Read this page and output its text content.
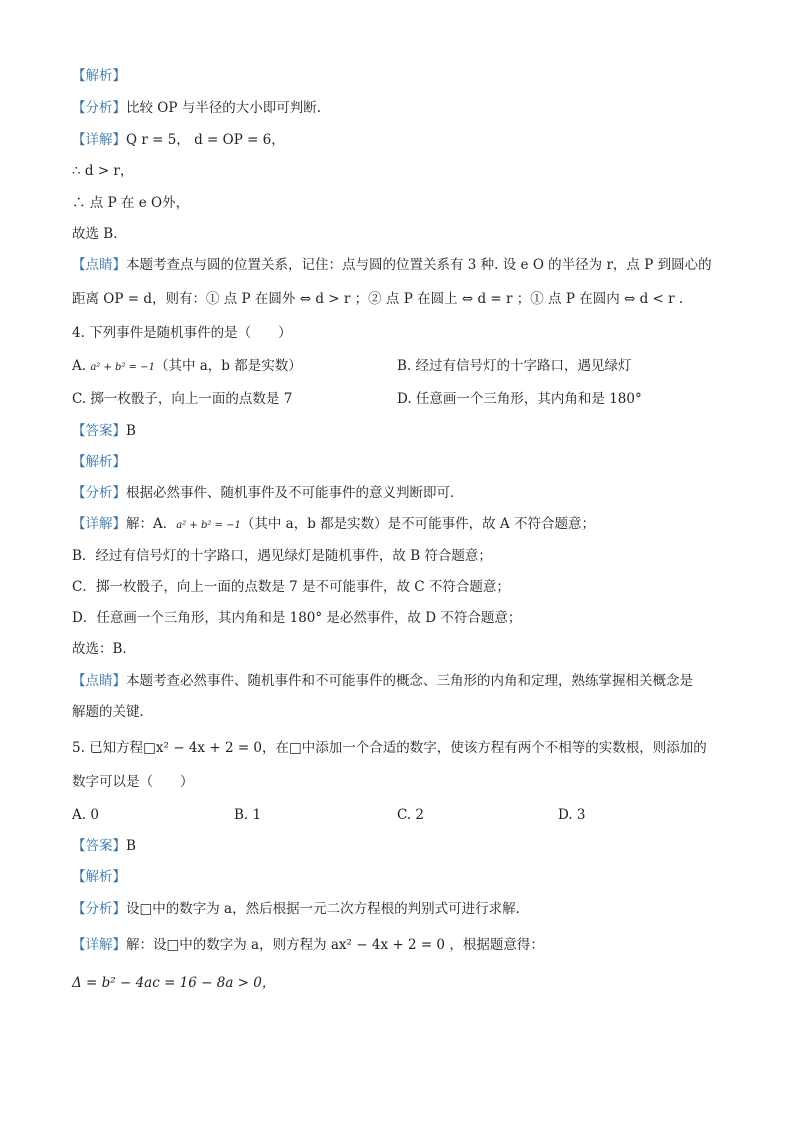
【解析】
【分析】比较 OP 与半径的大小即可判断.
【详解】Q r = 5， d = OP = 6，
∴ d > r，
∴ 点 P 在 e O外，
故选 B．
【点睛】本题考查点与圆的位置关系，记住：点与圆的位置关系有 3 种. 设 e O 的半径为 r，点 P 到圆心的
距离 OP = d，则有：① 点 P 在圆外 ⇔ d > r ；② 点 P 在圆上 ⇔ d = r ；① 点 P 在圆内 ⇔ d < r .
4. 下列事件是随机事件的是（　　）
A. a² + b² = −1（其中 a，b 都是实数）	B. 经过有信号灯的十字路口，遇见绿灯
C. 掷一枚骰子，向上一面的点数是 7	D. 任意画一个三角形，其内角和是 180°
【答案】B
【解析】
【分析】根据必然事件、随机事件及不可能事件的意义判断即可．
【详解】解：A．a² + b² = −1（其中 a，b 都是实数）是不可能事件，故 A 不符合题意；
B．经过有信号灯的十字路口，遇见绿灯是随机事件，故 B 符合题意；
C．掷一枚骰子，向上一面的点数是 7 是不可能事件，故 C 不符合题意；
D．任意画一个三角形，其内角和是 180° 是必然事件，故 D 不符合题意；
故选：B．
【点睛】本题考查必然事件、随机事件和不可能事件的概念、三角形的内角和定理，熟练掌握相关概念是
解题的关键．
5. 已知方程□x² − 4x + 2 = 0，在□中添加一个合适的数字，使该方程有两个不相等的实数根，则添加的
数字可以是（　　）
A. 0	B. 1	C. 2	D. 3
【答案】B
【解析】
【分析】设□中的数字为 a，然后根据一元二次方程根的判别式可进行求解．
【详解】解：设□中的数字为 a，则方程为 ax² − 4x + 2 = 0 ，根据题意得：
Δ = b² − 4ac = 16 − 8a > 0，
